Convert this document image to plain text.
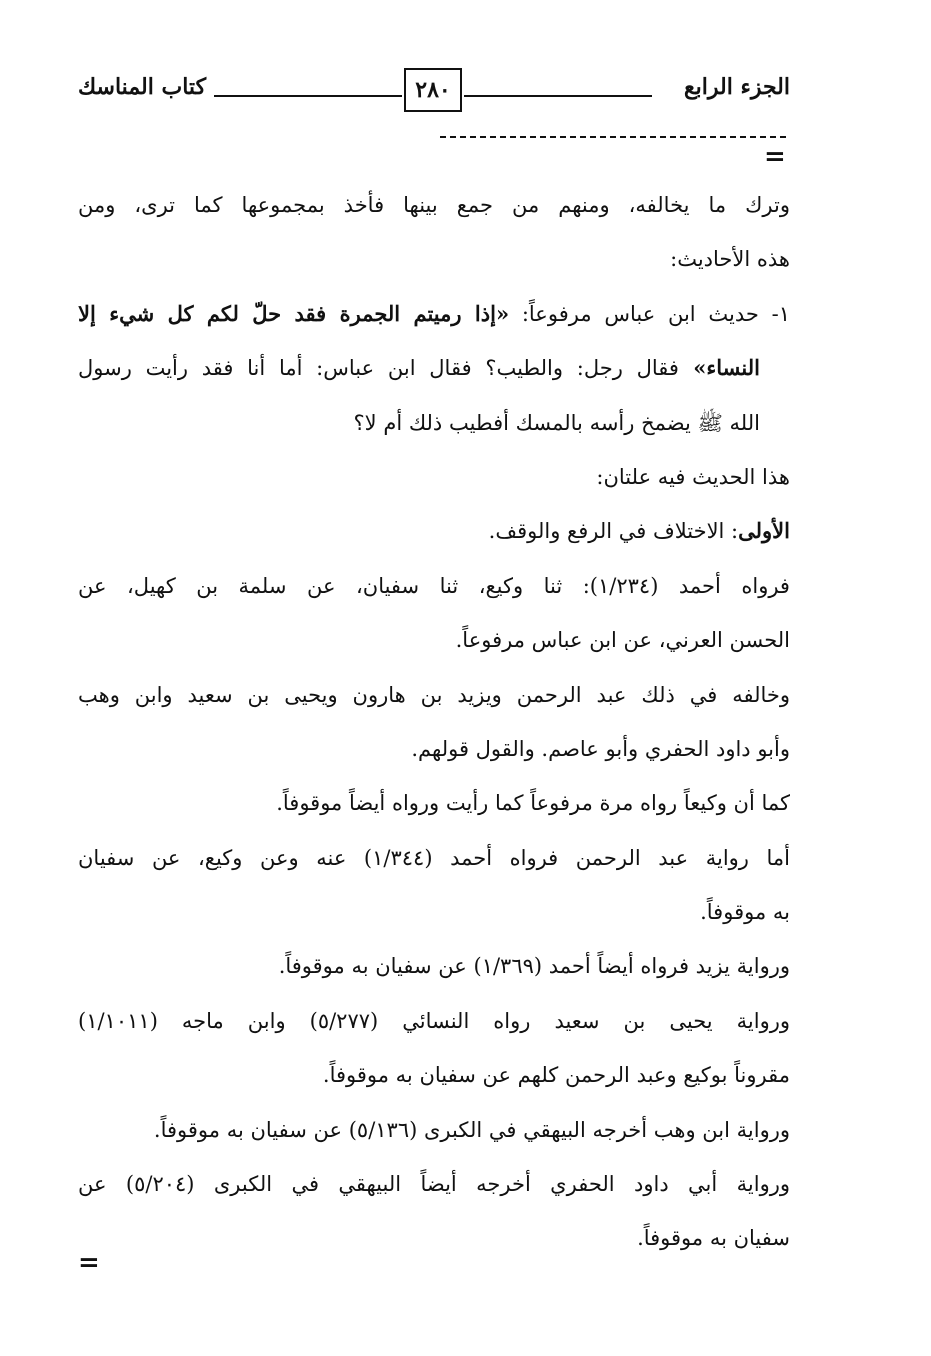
الجزء الرابع
٢٨٠
كتاب المناسك
=
وترك ما يخالفه، ومنهم من جمع بينها فأخذ بمجموعها كما ترى، ومن
هذه الأحاديث:
١- حديث ابن عباس مرفوعاً: «إذا رميتم الجمرة فقد حلّ لكم كل شيء إلا
النساء» فقال رجل: والطيب؟ فقال ابن عباس: أما أنا فقد رأيت رسول
الله ﷺ يضمخ رأسه بالمسك أفطيب ذلك أم لا؟
هذا الحديث فيه علتان:
الأولى: الاختلاف في الرفع والوقف.
فرواه أحمد (١/٢٣٤): ثنا وكيع، ثنا سفيان، عن سلمة بن كهيل، عن
الحسن العرني، عن ابن عباس مرفوعاً.
وخالفه في ذلك عبد الرحمن ويزيد بن هارون ويحيى بن سعيد وابن وهب
وأبو داود الحفري وأبو عاصم. والقول قولهم.
كما أن وكيعاً رواه مرة مرفوعاً كما رأيت ورواه أيضاً موقوفاً.
أما رواية عبد الرحمن فرواه أحمد (١/٣٤٤) عنه وعن وكيع، عن سفيان
به موقوفاً.
ورواية يزيد فرواه أيضاً أحمد (١/٣٦٩) عن سفيان به موقوفاً.
ورواية يحيى بن سعيد رواه النسائي (٥/٢٧٧) وابن ماجه (١/١٠١١)
مقروناً بوكيع وعبد الرحمن كلهم عن سفيان به موقوفاً.
ورواية ابن وهب أخرجه البيهقي في الكبرى (٥/١٣٦) عن سفيان به موقوفاً.
ورواية أبي داود الحفري أخرجه أيضاً البيهقي في الكبرى (٥/٢٠٤) عن
سفيان به موقوفاً.
=
